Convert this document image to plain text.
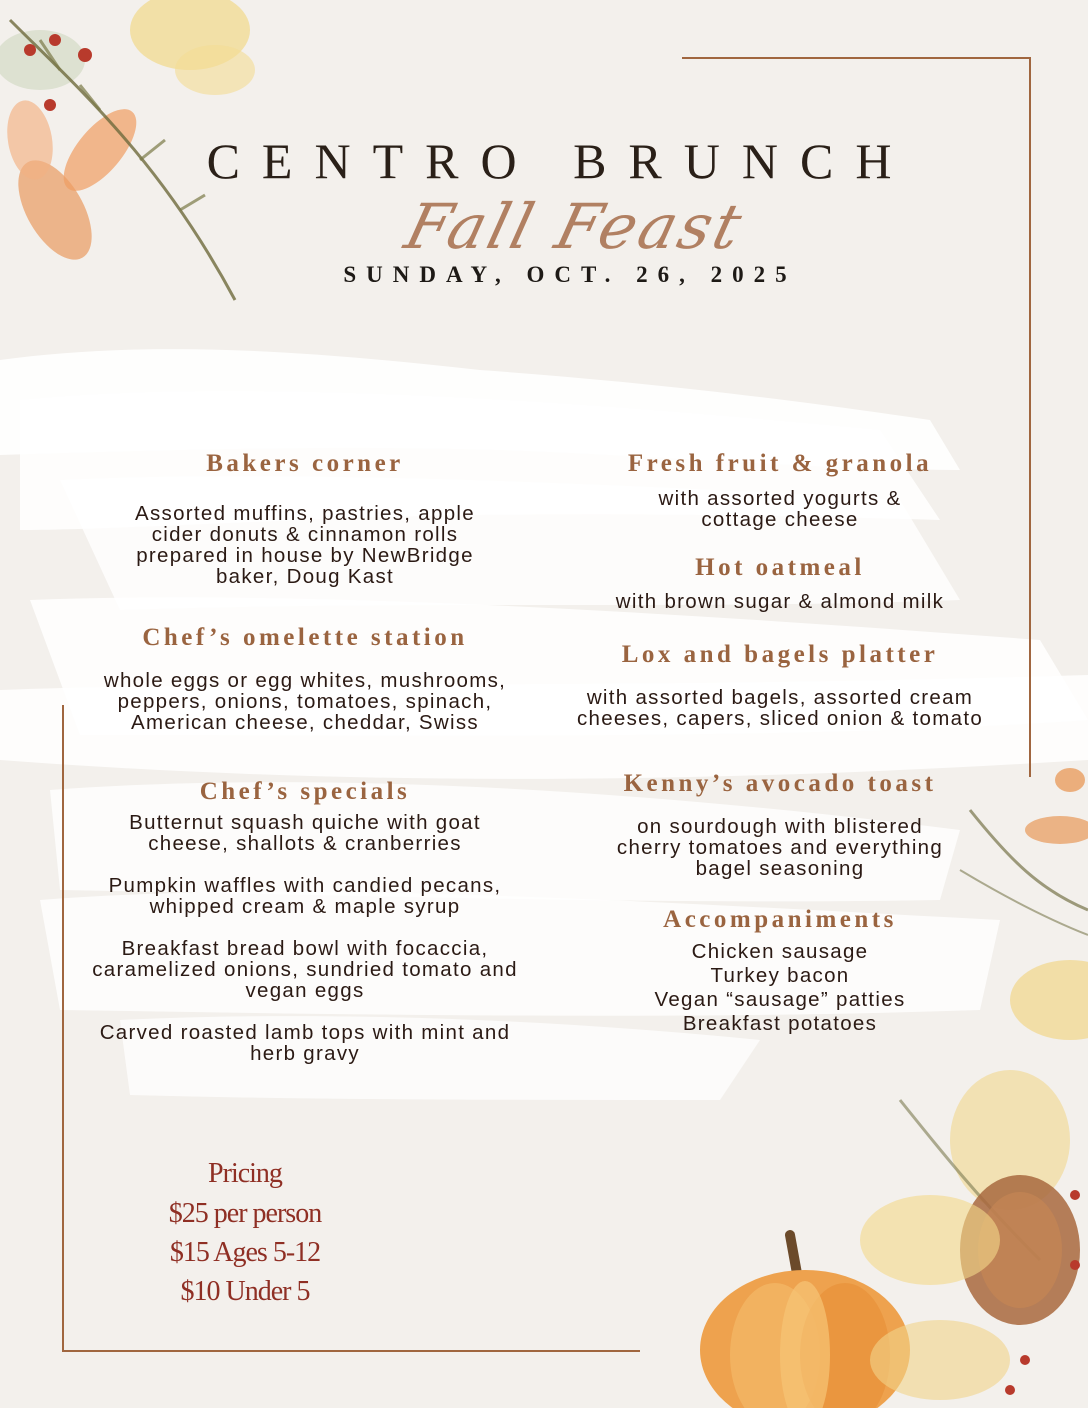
CENTRO BRUNCH
Fall Feast
SUNDAY, OCT. 26, 2025
Bakers corner
Assorted muffins, pastries, apple
cider donuts & cinnamon rolls
prepared in house by NewBridge
baker, Doug Kast
Chef’s omelette station
whole eggs or egg whites, mushrooms,
peppers, onions, tomatoes, spinach,
American cheese, cheddar, Swiss
Chef’s specials
Butternut squash quiche with goat
cheese, shallots & cranberries
Pumpkin waffles with candied pecans,
whipped cream & maple syrup
Breakfast bread bowl with focaccia,
caramelized onions, sundried tomato and
vegan eggs
Carved roasted lamb tops with mint and
herb gravy
Fresh fruit & granola
with assorted yogurts &
cottage cheese
Hot oatmeal
with brown sugar & almond milk
Lox and bagels platter
with assorted bagels, assorted cream
cheeses, capers, sliced onion & tomato
Kenny’s avocado toast
on sourdough with blistered
cherry tomatoes and everything
bagel seasoning
Accompaniments
Chicken sausage
Turkey bacon
Vegan “sausage” patties
Breakfast potatoes
Pricing
$25 per person
$15 Ages 5-12
$10 Under 5
